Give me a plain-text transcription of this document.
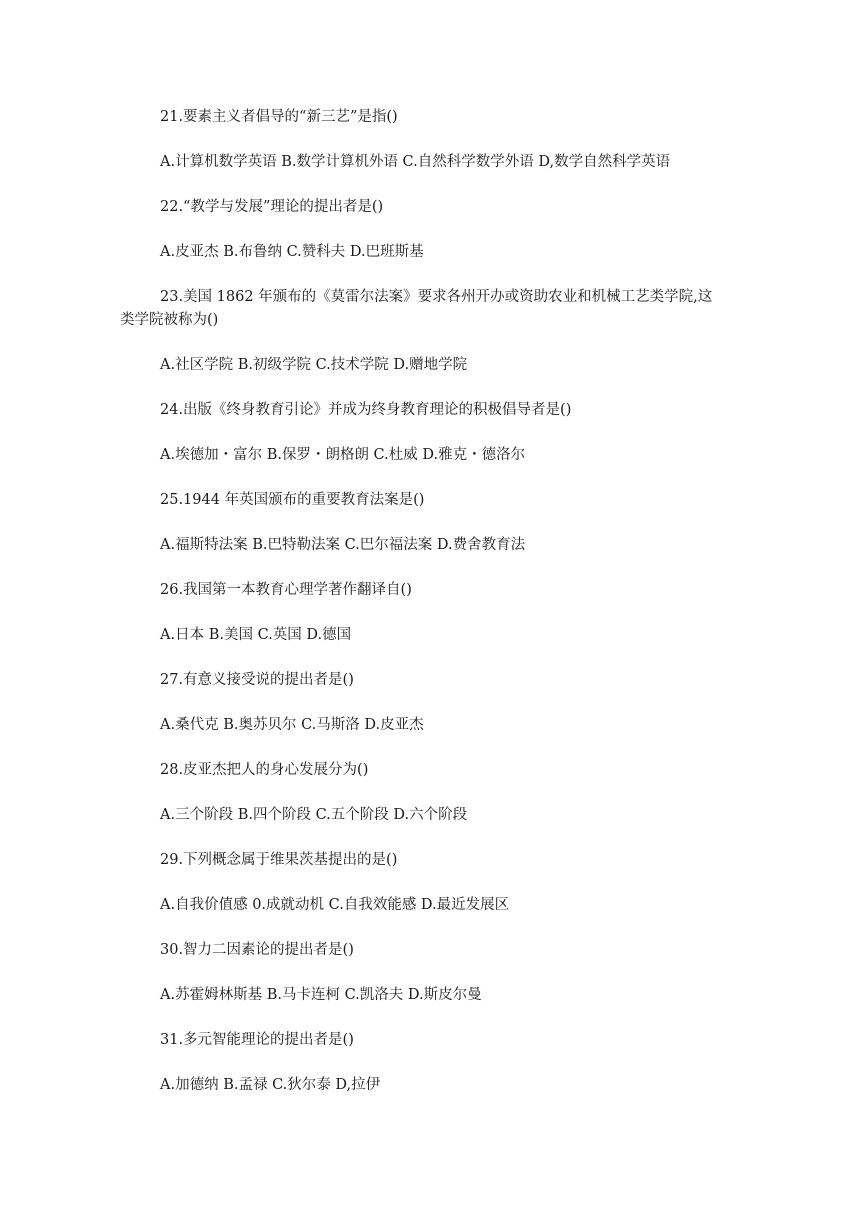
21.要素主义者倡导的“新三艺”是指()

A.计算机数学英语 B.数学计算机外语 C.自然科学数学外语 D,数学自然科学英语

22.“教学与发展”理论的提出者是()

A.皮亚杰 B.布鲁纳 C.赞科夫 D.巴班斯基

23.美国 1862 年颁布的《莫雷尔法案》要求各州开办或资助农业和机械工艺类学院,这类学院被称为()

A.社区学院 B.初级学院 C.技术学院 D.赠地学院

24.出版《终身教育引论》并成为终身教育理论的积极倡导者是()

A.埃德加・富尔 B.保罗・朗格朗 C.杜威 D.雅克・德洛尔

25.1944 年英国颁布的重要教育法案是()

A.福斯特法案 B.巴特勒法案 C.巴尔福法案 D.费舍教育法

26.我国第一本教育心理学著作翻译自()

A.日本 B.美国 C.英国 D.德国

27.有意义接受说的提出者是()

A.桑代克 B.奥苏贝尔 C.马斯洛 D.皮亚杰

28.皮亚杰把人的身心发展分为()

A.三个阶段 B.四个阶段 C.五个阶段 D.六个阶段

29.下列概念属于维果茨基提出的是()

A.自我价值感 0.成就动机 C.自我效能感 D.最近发展区

30.智力二因素论的提出者是()

A.苏霍姆林斯基 B.马卡连柯 C.凯洛夫 D.斯皮尔曼

31.多元智能理论的提出者是()

A.加德纳 B.孟禄 C.狄尔泰 D,拉伊
